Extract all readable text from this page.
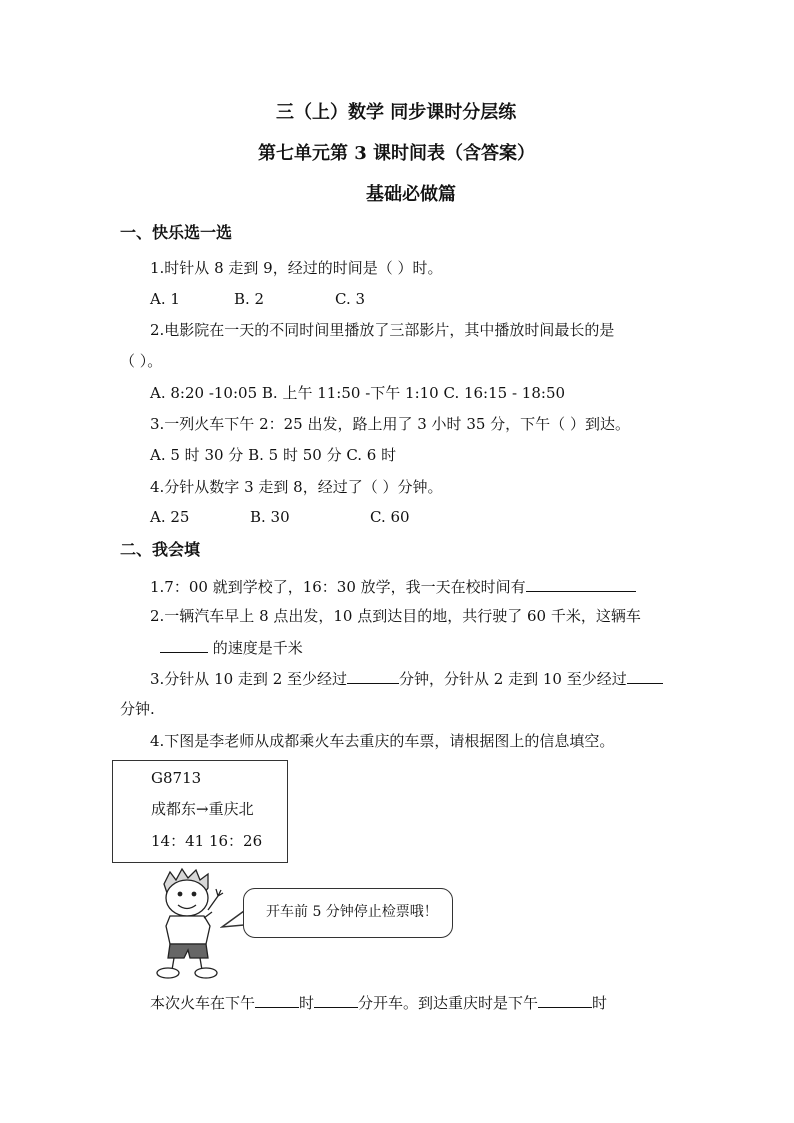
三（上）数学 同步课时分层练
第七单元第 3 课时间表（含答案）
基础必做篇
一、快乐选一选
1.时针从 8 走到 9，经过的时间是（ ）时。
A. 1	B. 2	C. 3
2.电影院在一天的不同时间里播放了三部影片，其中播放时间最长的是
（ ）。
A. 8:20 -10:05 B. 上午 11:50 -下午 1:10 C. 16:15 - 18:50
3.一列火车下午 2：25 出发，路上用了 3 小时 35 分，下午（ ）到达。
A. 5 时 30 分 B. 5 时 50 分 C. 6 时
4.分针从数字 3 走到 8，经过了（ ）分钟。
A. 25	B. 30	C. 60
二、我会填
1.7：00 就到学校了，16：30 放学，我一天在校时间有
2.一辆汽车早上 8 点出发，10 点到达目的地，共行驶了 60 千米，这辆车
的速度是千米
3.分针从 10 走到 2 至少经过	分钟，分针从 2 走到 10 至少经过
分钟.
4.下图是李老师从成都乘火车去重庆的车票，请根据图上的信息填空。
G8713
成都东→重庆北
14：41 16：26
开车前 5 分钟停止检票哦！
本次火车在下午	时	分开车。到达重庆时是下午	时
